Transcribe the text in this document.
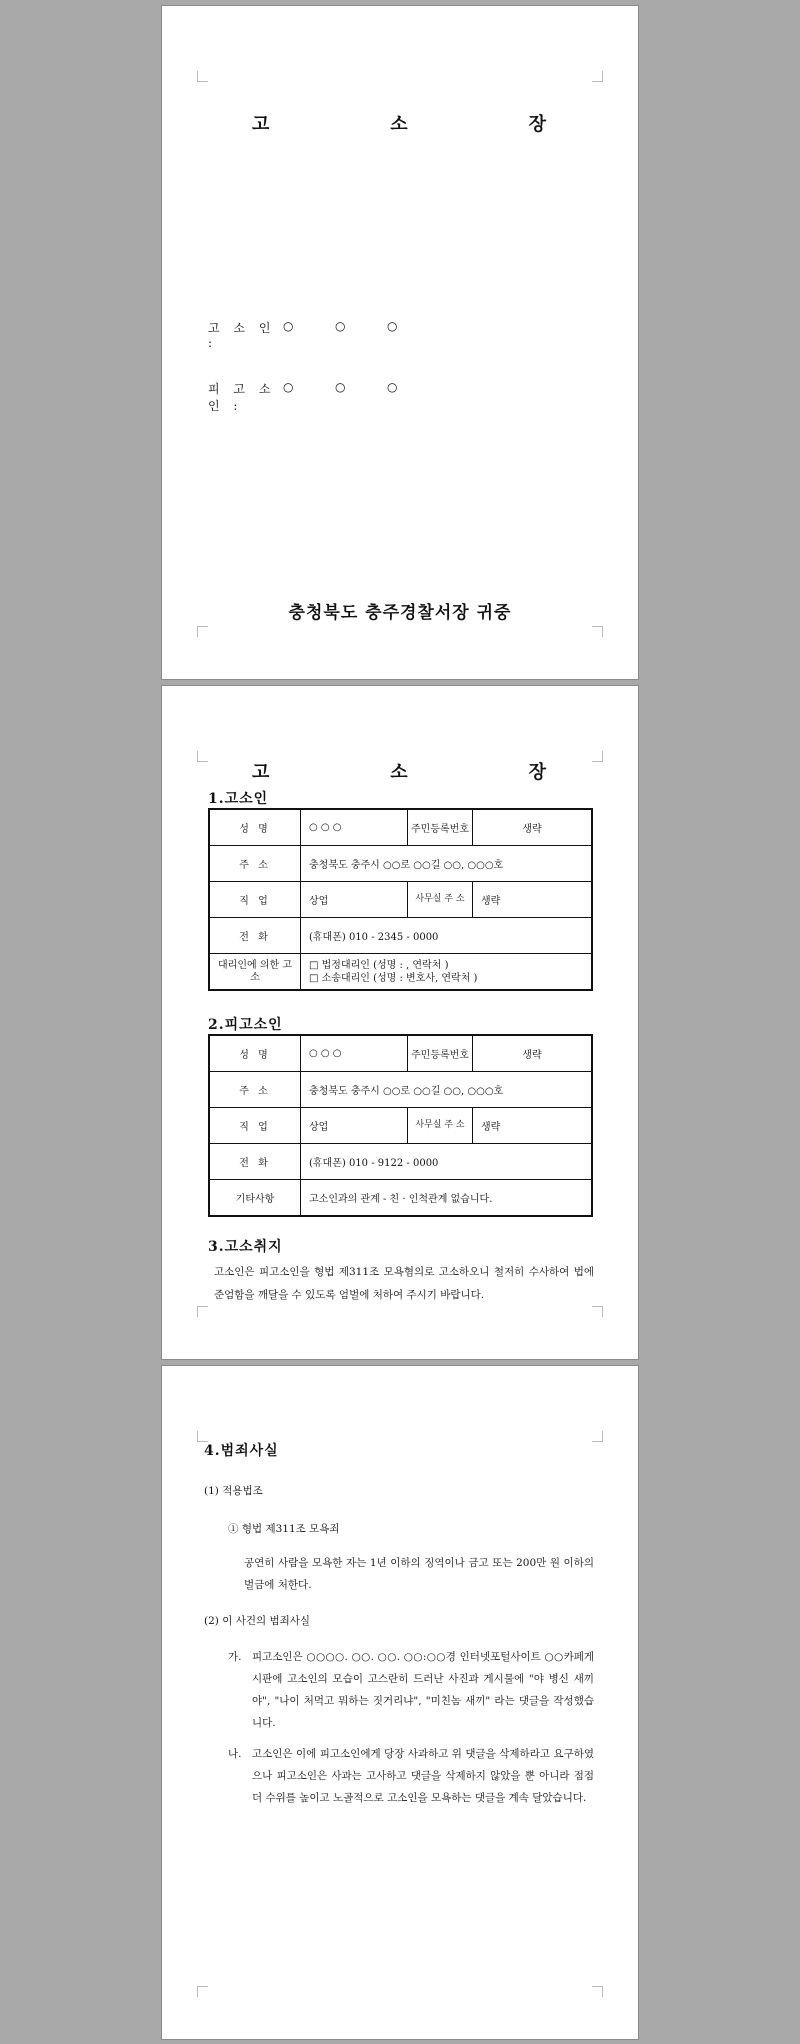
고	소	장
고 소 인 :
○	○	○
피 고 소 인 :
○	○	○
충청북도 충주경찰서장 귀중
고	소	장
1.고소인
성 명	○ ○ ○	주민등록번호	생략
주 소	충청북도 충주시 ○○로 ○○길 ○○, ○○○호		
직 업	상업	사무실 주 소	생략
전 화	(휴대폰) 010 - 2345 - 0000		
대리인에 의한 고 소	□ 법정대리인 (성명 : , 연락처 )
□ 소송대리인 (성명 : 변호사, 연락처 )		
2.피고소인
성 명	○ ○ ○	주민등록번호	생략
주 소	충청북도 충주시 ○○로 ○○길 ○○, ○○○호		
직 업	상업	사무실 주 소	생략
전 화	(휴대폰) 010 - 9122 - 0000		
기타사항	고소인과의 관계 - 친 · 인척관계 없습니다.		
3.고소취지
고소인은 피고소인을 형법 제311조 모욕혐의로 고소하오니 철저히 수사하여 법에 준엄함을 깨달을 수 있도록 엄벌에 처하여 주시기 바랍니다.
4.범죄사실
(1) 적용법조
① 형법 제311조 모욕죄
공연히 사람을 모욕한 자는 1년 이하의 징역이나 금고 또는 200만 원 이하의 벌금에 처한다.
(2) 이 사건의 범죄사실
가. 피고소인은 ○○○○. ○○. ○○. ○○:○○경 인터넷포털사이트 ○○카페게시판에 고소인의 모습이 고스란히 드러난 사진과 게시물에 "야 병신 새끼야", "나이 처먹고 뭐하는 짓거리냐", "미친놈 새끼" 라는 댓글을 작성했습니다.
나. 고소인은 이에 피고소인에게 당장 사과하고 위 댓글을 삭제하라고 요구하였으나 피고소인은 사과는 고사하고 댓글을 삭제하지 않았을 뿐 아니라 점점 더 수위를 높이고 노골적으로 고소인을 모욕하는 댓글을 계속 달았습니다.
